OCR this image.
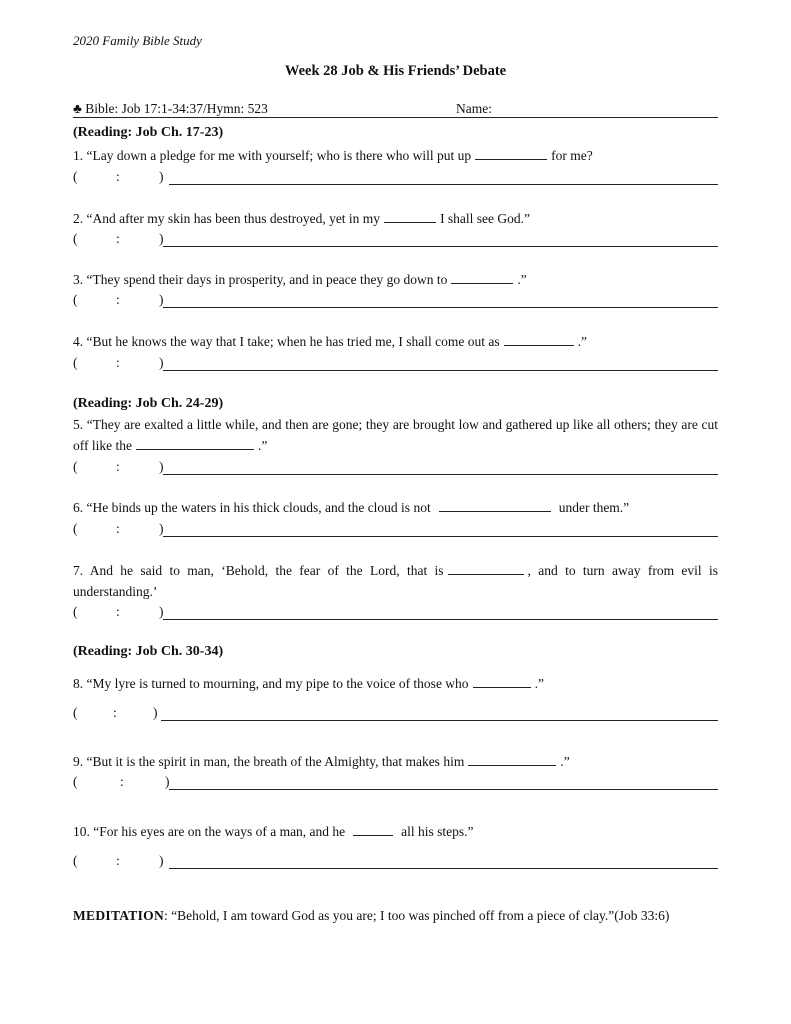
2020 Family Bible Study
Week 28 Job & His Friends’ Debate
♣ Bible: Job 17:1-34:37/Hymn: 523	Name:
(Reading: Job Ch. 17-23)
1. “Lay down a pledge for me with yourself; who is there who will put up	for me?
(	:	)
2. “And after my skin has been thus destroyed, yet in my	I shall see God.”
(	:	)
3. “They spend their days in prosperity, and in peace they go down to	.”
(	:	)
4. “But he knows the way that I take; when he has tried me, I shall come out as	.”
(	:	)
(Reading: Job Ch. 24-29)
5. “They are exalted a little while, and then are gone; they are brought low and gathered up like all others; they are cut off like the	.”
(	:	)
6. “He binds up the waters in his thick clouds, and the cloud is not	under them.”
(	:	)
7. And he said to man, ‘Behold, the fear of the Lord, that is	, and to turn away from evil is understanding.’
(	:	)
(Reading: Job Ch. 30-34)
8. “My lyre is turned to mourning, and my pipe to the voice of those who	.”
(	:	)
9. “But it is the spirit in man, the breath of the Almighty, that makes him	.”
(	:	)
10. “For his eyes are on the ways of a man, and he	all his steps.”
(	:	)
MEDITATION: “Behold, I am toward God as you are; I too was pinched off from a piece of clay.”(Job 33:6)
